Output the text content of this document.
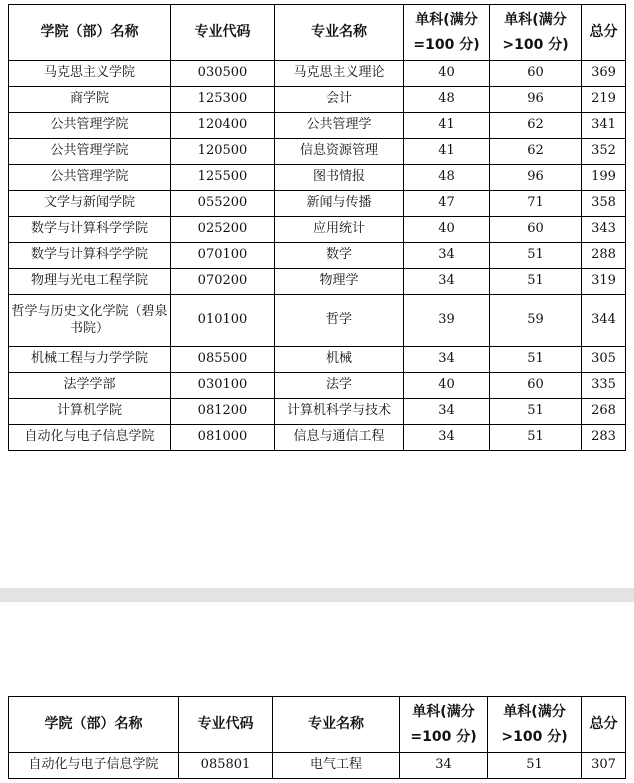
学院（部）名称	专业代码	专业名称	单科(满分=100 分)	单科(满分>100 分)	总分
马克思主义学院	030500	马克思主义理论	40	60	369
商学院	125300	会计	48	96	219
公共管理学院	120400	公共管理学	41	62	341
公共管理学院	120500	信息资源管理	41	62	352
公共管理学院	125500	图书情报	48	96	199
文学与新闻学院	055200	新闻与传播	47	71	358
数学与计算科学学院	025200	应用统计	40	60	343
数学与计算科学学院	070100	数学	34	51	288
物理与光电工程学院	070200	物理学	34	51	319
哲学与历史文化学院（碧泉书院）	010100	哲学	39	59	344
机械工程与力学学院	085500	机械	34	51	305
法学学部	030100	法学	40	60	335
计算机学院	081200	计算机科学与技术	34	51	268
自动化与电子信息学院	081000	信息与通信工程	34	51	283
学院（部）名称	专业代码	专业名称	单科(满分=100 分)	单科(满分>100 分)	总分
自动化与电子信息学院	085801	电气工程	34	51	307
